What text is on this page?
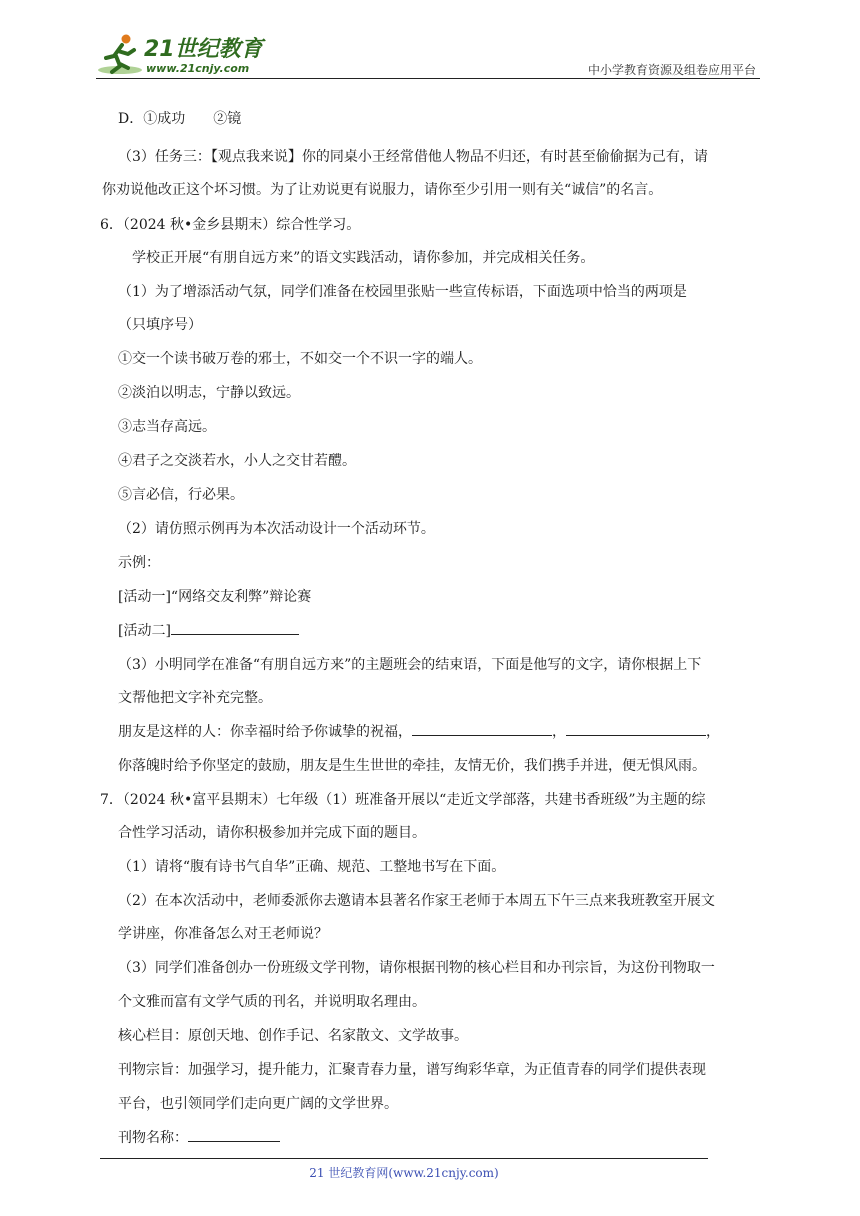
21世纪教育
www.21cnjy.com	中小学教育资源及组卷应用平台
D．①成功　　②镜
（3）任务三：【观点我来说】你的同桌小王经常借他人物品不归还，有时甚至偷偷据为己有，请
你劝说他改正这个坏习惯。为了让劝说更有说服力，请你至少引用一则有关“诚信”的名言。
6．（2024 秋•金乡县期末）综合性学习。
学校正开展“有朋自远方来”的语文实践活动，请你参加，并完成相关任务。
（1）为了增添活动气氛，同学们准备在校园里张贴一些宣传标语，下面选项中恰当的两项是
（只填序号）
①交一个读书破万卷的邪士，不如交一个不识一字的端人。
②淡泊以明志，宁静以致远。
③志当存高远。
④君子之交淡若水，小人之交甘若醴。
⑤言必信，行必果。
（2）请仿照示例再为本次活动设计一个活动环节。
示例：
[活动一]“网络交友利弊”辩论赛
[活动二]
（3）小明同学在准备“有朋自远方来”的主题班会的结束语，下面是他写的文字，请你根据上下
文帮他把文字补充完整。
朋友是这样的人：你幸福时给予你诚挚的祝福，	，	，
你落魄时给予你坚定的鼓励，朋友是生生世世的牵挂，友情无价，我们携手并进，便无惧风雨。
7．（2024 秋•富平县期末）七年级（1）班准备开展以“走近文学部落，共建书香班级”为主题的综
合性学习活动，请你积极参加并完成下面的题目。
（1）请将“腹有诗书气自华”正确、规范、工整地书写在下面。
（2）在本次活动中，老师委派你去邀请本县著名作家王老师于本周五下午三点来我班教室开展文
学讲座，你准备怎么对王老师说？
（3）同学们准备创办一份班级文学刊物，请你根据刊物的核心栏目和办刊宗旨，为这份刊物取一
个文雅而富有文学气质的刊名，并说明取名理由。
核心栏目：原创天地、创作手记、名家散文、文学故事。
刊物宗旨：加强学习，提升能力，汇聚青春力量，谱写绚彩华章，为正值青春的同学们提供表现
平台，也引领同学们走向更广阔的文学世界。
刊物名称：
21 世纪教育网(www.21cnjy.com)
